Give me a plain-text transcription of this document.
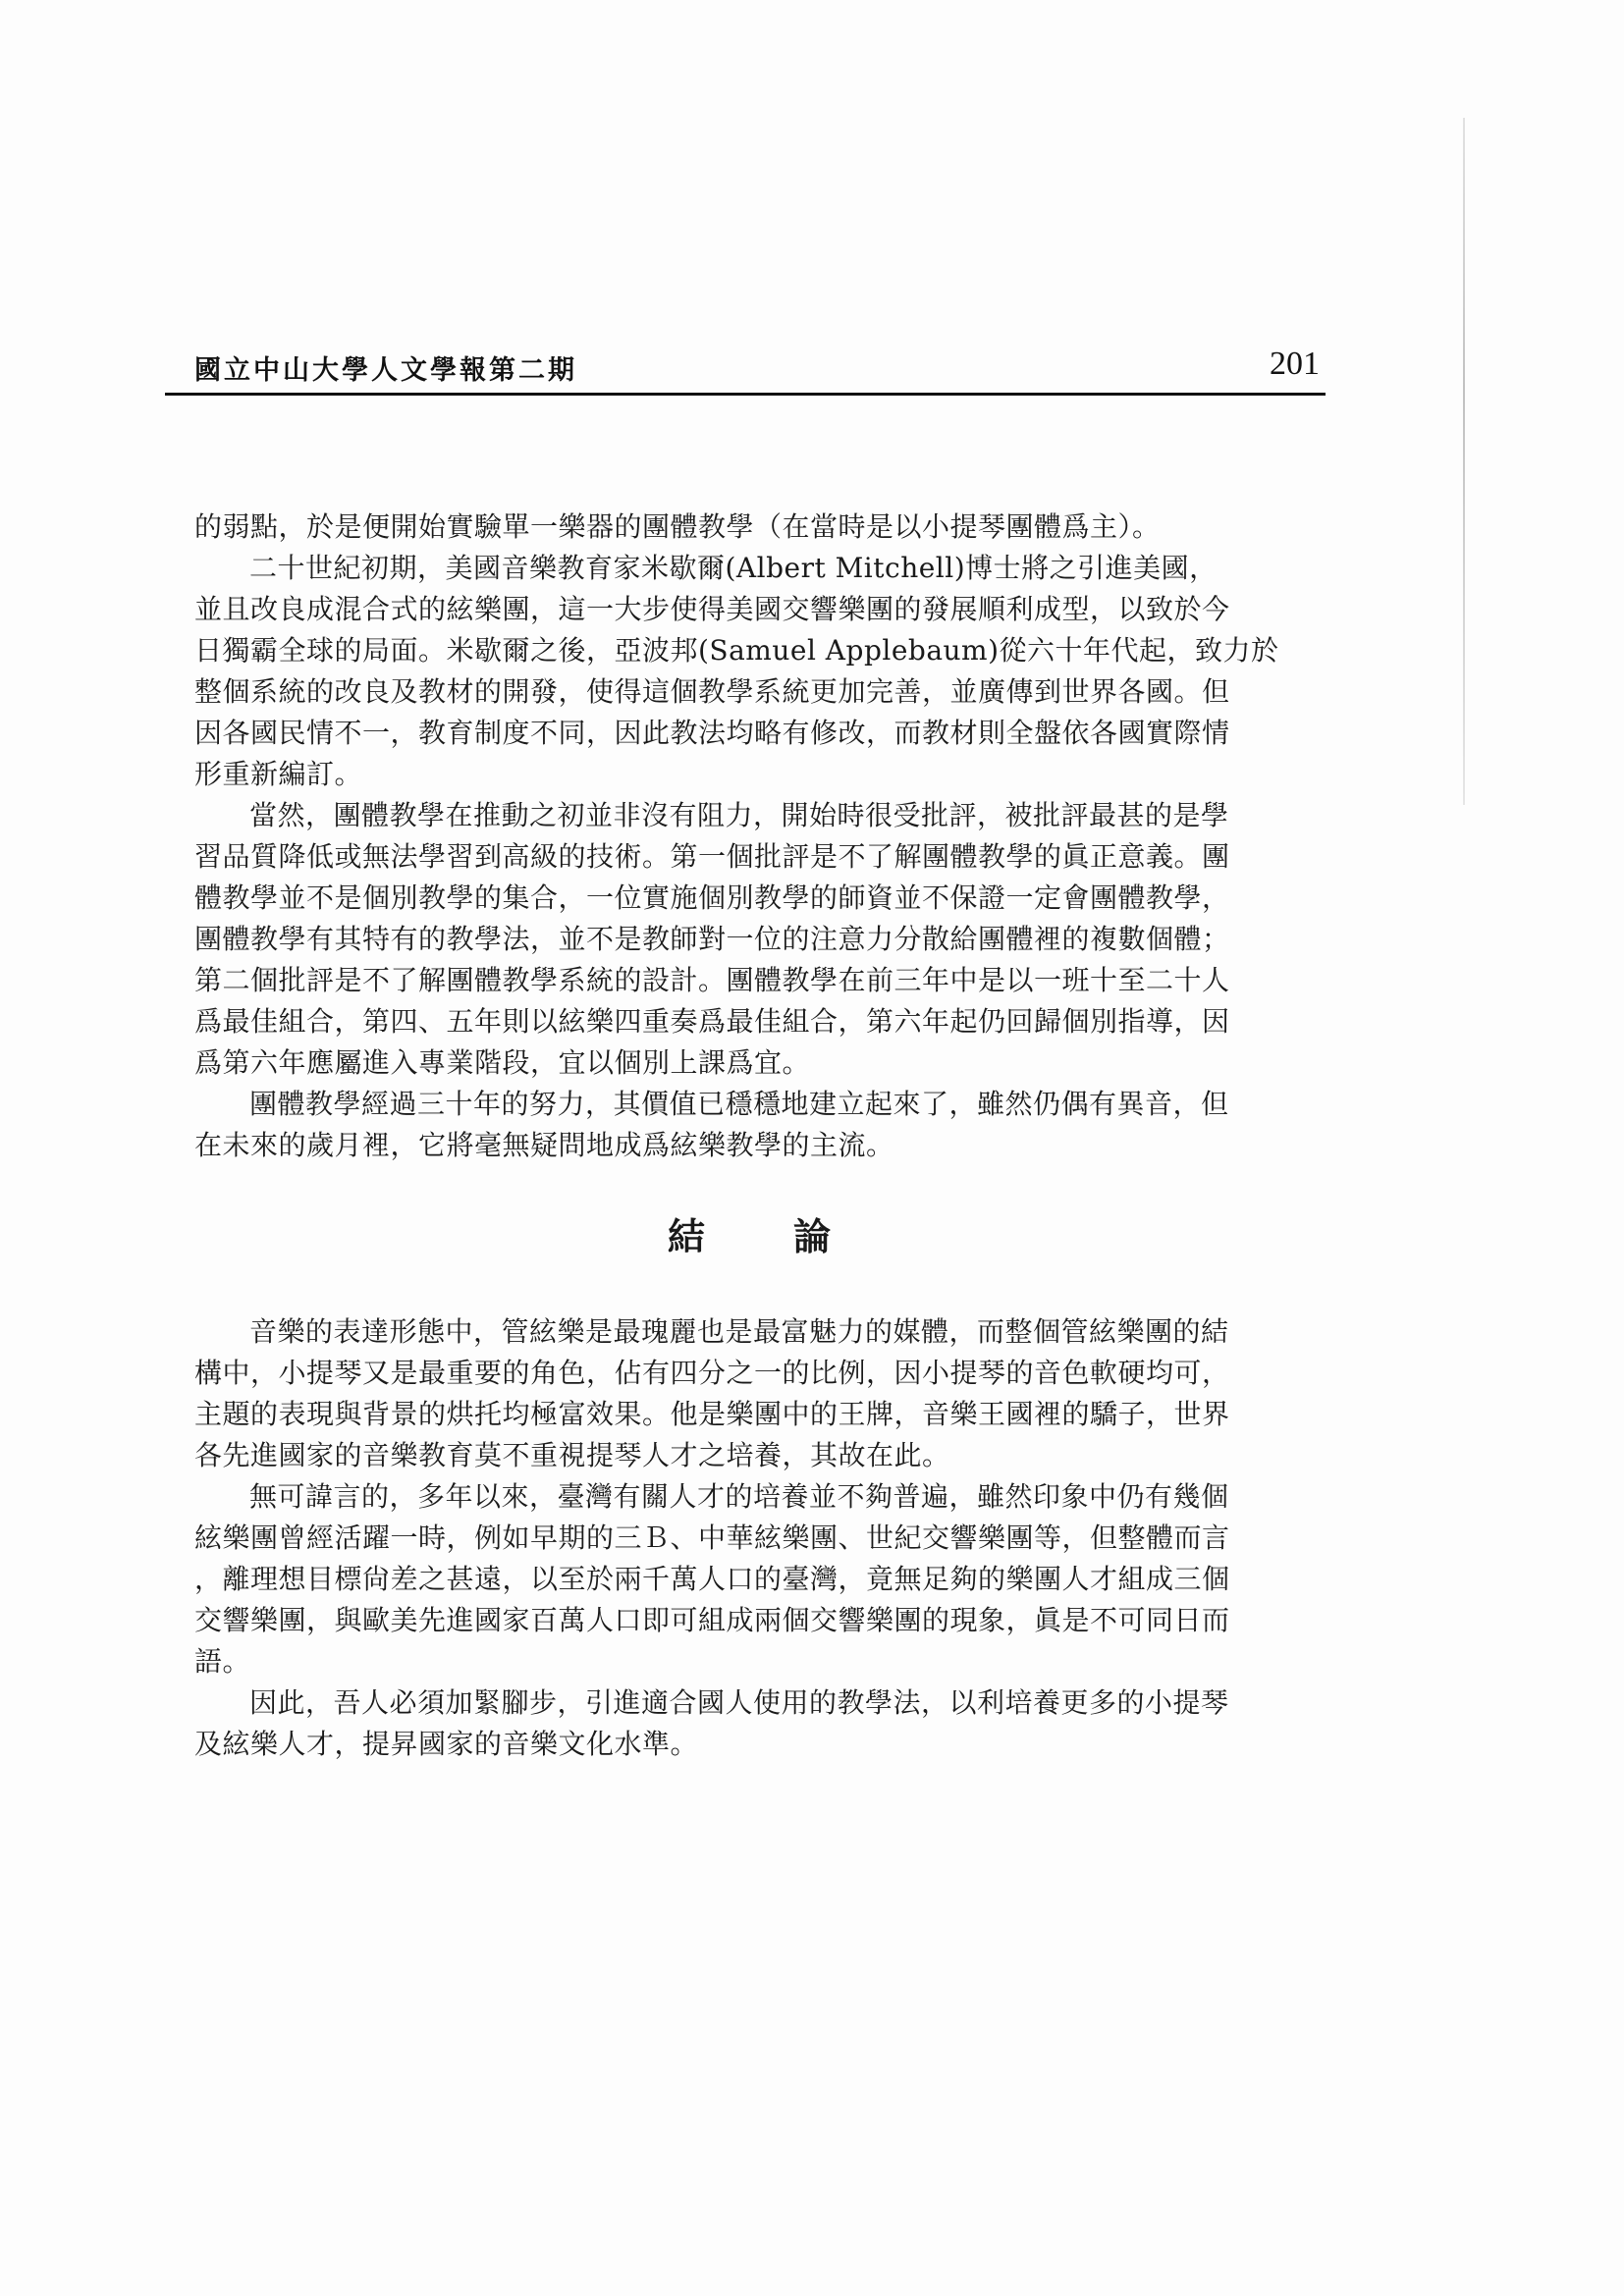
國立中山大學人文學報第二期	201
的弱點，於是便開始實驗單一樂器的團體教學（在當時是以小提琴團體爲主）。
二十世紀初期，美國音樂教育家米歇爾(Albert Mitchell)博士將之引進美國，
並且改良成混合式的絃樂團，這一大步使得美國交響樂團的發展順利成型，以致於今
日獨霸全球的局面。米歇爾之後，亞波邦(Samuel Applebaum)從六十年代起，致力於
整個系統的改良及教材的開發，使得這個教學系統更加完善，並廣傳到世界各國。但
因各國民情不一，教育制度不同，因此教法均略有修改，而教材則全盤依各國實際情
形重新編訂。
當然，團體教學在推動之初並非沒有阻力，開始時很受批評，被批評最甚的是學
習品質降低或無法學習到高級的技術。第一個批評是不了解團體教學的眞正意義。團
體教學並不是個別教學的集合，一位實施個別教學的師資並不保證一定會團體教學，
團體教學有其特有的教學法，並不是教師對一位的注意力分散給團體裡的複數個體；
第二個批評是不了解團體教學系統的設計。團體教學在前三年中是以一班十至二十人
爲最佳組合，第四、五年則以絃樂四重奏爲最佳組合，第六年起仍回歸個別指導，因
爲第六年應屬進入專業階段，宜以個別上課爲宜。
團體教學經過三十年的努力，其價值已穩穩地建立起來了，雖然仍偶有異音，但
在未來的歲月裡，它將毫無疑問地成爲絃樂教學的主流。
結論
音樂的表達形態中，管絃樂是最瑰麗也是最富魅力的媒體，而整個管絃樂團的結
構中，小提琴又是最重要的角色，佔有四分之一的比例，因小提琴的音色軟硬均可，
主題的表現與背景的烘托均極富效果。他是樂團中的王牌，音樂王國裡的驕子，世界
各先進國家的音樂教育莫不重視提琴人才之培養，其故在此。
無可諱言的，多年以來，臺灣有關人才的培養並不夠普遍，雖然印象中仍有幾個
絃樂團曾經活躍一時，例如早期的三Ｂ、中華絃樂團、世紀交響樂團等，但整體而言
，離理想目標尙差之甚遠，以至於兩千萬人口的臺灣，竟無足夠的樂團人才組成三個
交響樂團，與歐美先進國家百萬人口即可組成兩個交響樂團的現象，眞是不可同日而
語。
因此，吾人必須加緊腳步，引進適合國人使用的教學法，以利培養更多的小提琴
及絃樂人才，提昇國家的音樂文化水準。
